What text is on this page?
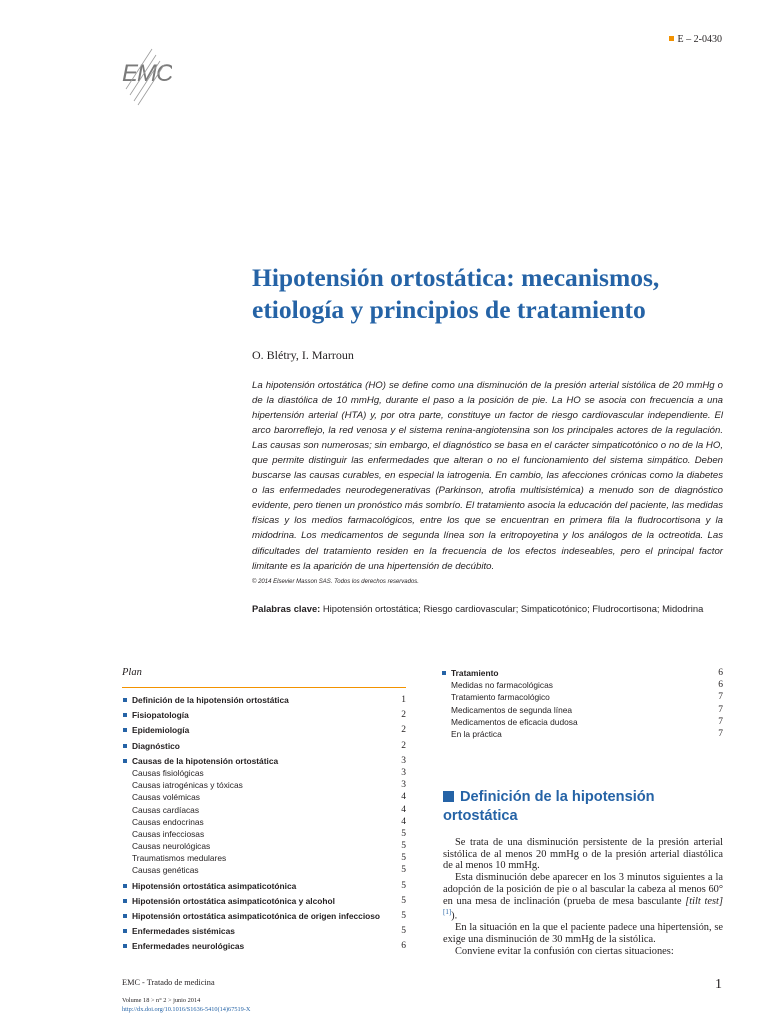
EMC
E – 2-0430
Hipotensión ortostática: mecanismos, etiología y principios de tratamiento
O. Blétry, I. Marroun

La hipotensión ortostática (HO) se define como una disminución de la presión arterial sistólica de 20 mmHg o de la diastólica de 10 mmHg, durante el paso a la posición de pie. La HO se asocia con frecuencia a una hipertensión arterial (HTA) y, por otra parte, constituye un factor de riesgo cardiovascular independiente. El arco barorreflejo, la red venosa y el sistema renina-angiotensina son los principales actores de la regulación. Las causas son numerosas; sin embargo, el diagnóstico se basa en el carácter simpaticotónico o no de la HO, que permite distinguir las enfermedades que alteran o no el funcionamiento del sistema simpático. Deben buscarse las causas curables, en especial la iatrogenia. En cambio, las afecciones crónicas como la diabetes o las enfermedades neurodegenerativas (Parkinson, atrofia multisistémica) a menudo son de diagnóstico evidente, pero tienen un pronóstico más sombrío. El tratamiento asocia la educación del paciente, las medidas físicas y los medios farmacológicos, entre los que se encuentran en primera fila la fludrocortisona y la midodrina. Los medicamentos de segunda línea son la eritropoyetina y los análogos de la octreotida. Las dificultades del tratamiento residen en la frecuencia de los efectos indeseables, pero el principal factor limitante es la aparición de una hipertensión de decúbito.

© 2014 Elsevier Masson SAS. Todos los derechos reservados.
Palabras clave: Hipotensión ortostática; Riesgo cardiovascular; Simpaticotónico; Fludrocortisona; Midodrina
Plan
Definición de la hipotensión ortostática	1
Fisiopatología	2
Epidemiología	2
Diagnóstico	2
Causas de la hipotensión ortostática	3
Causas fisiológicas	3
Causas iatrogénicas y tóxicas	3
Causas volémicas	4
Causas cardíacas	4
Causas endocrinas	4
Causas infecciosas	5
Causas neurológicas	5
Traumatismos medulares	5
Causas genéticas	5
Hipotensión ortostática asimpaticotónica	5
Hipotensión ortostática asimpaticotónica y alcohol	5
Hipotensión ortostática asimpaticotónica de origen infeccioso 5
Enfermedades sistémicas	5
Enfermedades neurológicas	6
Tratamiento	6
Medidas no farmacológicas	6
Tratamiento farmacológico	7
Medicamentos de segunda línea	7
Medicamentos de eficacia dudosa	7
En la práctica	7
Definición de la hipotensión ortostática

Se trata de una disminución persistente de la presión arterial sistólica de al menos 20 mmHg o de la presión arterial diastólica de al menos 10 mmHg.

Esta disminución debe aparecer en los 3 minutos siguientes a la adopción de la posición de pie o al bascular la cabeza al menos 60° en una mesa de inclinación (prueba de mesa basculante [tilt test][1]).

En la situación en la que el paciente padece una hipertensión, se exige una disminución de 30 mmHg de la sistólica.

Conviene evitar la confusión con ciertas situaciones:

EMC - Tratado de medicina
Volume 18 > n° 2 > junio 2014
http://dx.doi.org/10.1016/S1636-5410(14)67519-X
1
